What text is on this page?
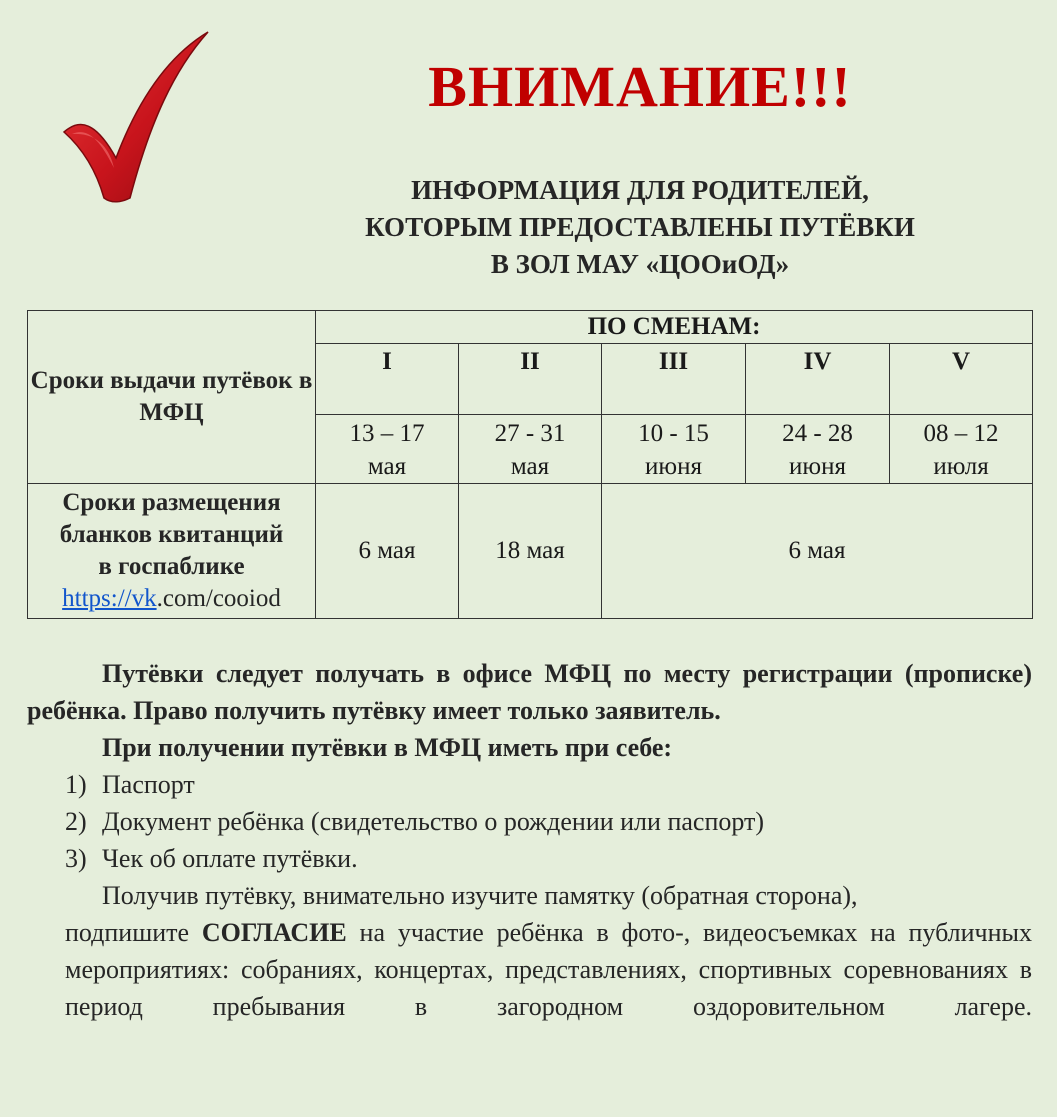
ВНИМАНИЕ!!!
ИНФОРМАЦИЯ ДЛЯ РОДИТЕЛЕЙ,
КОТОРЫМ ПРЕДОСТАВЛЕНЫ ПУТЁВКИ
В ЗОЛ МАУ «ЦООиОД»
Сроки выдачи путёвок в МФЦ	ПО СМЕНАМ:				
	I	II	III	IV	V

	13 – 17
мая	27 - 31
мая	10 - 15
июня	24 - 28
июня	08 – 12
июля

Сроки размещения
бланков квитанций
в госпаблике
https://vk.com/cooiod	6 мая	18 мая	6 мая		

Путёвки следует получать в офисе МФЦ по месту регистрации (прописке) ребёнка. Право получить путёвку имеет только заявитель.

При получении путёвки в МФЦ иметь при себе:

1) Паспорт
2) Документ ребёнка (свидетельство о рождении или паспорт)
3) Чек об оплате путёвки.

Получив путёвку, внимательно изучите памятку (обратная сторона),

подпишите СОГЛАСИЕ на участие ребёнка в фото-, видеосъемках на публичных мероприятиях: собраниях, концертах, представлениях, спортивных соревнованиях в период пребывания в загородном оздоровительном лагере.
